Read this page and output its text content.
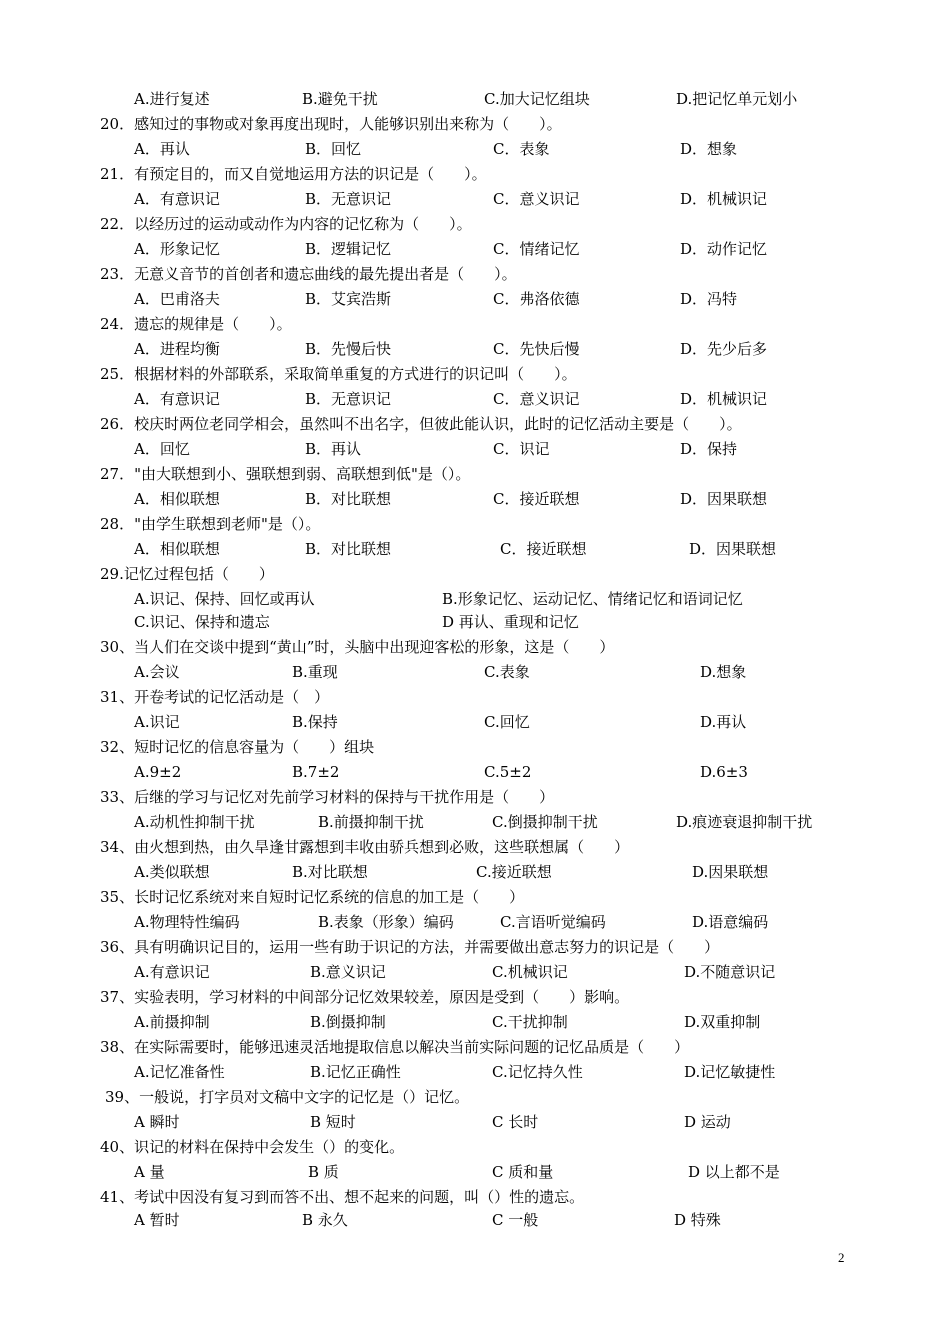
A.进行复述	B.避免干扰	C.加大记忆组块	D.把记忆单元划小
20．感知过的事物或对象再度出现时，人能够识别出来称为（　　）。
A．再认	B．回忆	C．表象	D．想象
21．有预定目的，而又自觉地运用方法的识记是（　　）。
A．有意识记	B．无意识记	C．意义识记	D．机械识记
22．以经历过的运动或动作为内容的记忆称为（　　）。
A．形象记忆	B．逻辑记忆	C．情绪记忆	D．动作记忆
23．无意义音节的首创者和遗忘曲线的最先提出者是（　　）。
A．巴甫洛夫	B．艾宾浩斯	C．弗洛依德	D．冯特
24．遗忘的规律是（　　）。
A．进程均衡	B．先慢后快	C．先快后慢	D．先少后多
25．根据材料的外部联系，采取简单重复的方式进行的识记叫（　　）。
A．有意识记	B．无意识记	C．意义识记	D．机械识记
26．校庆时两位老同学相会，虽然叫不出名字，但彼此能认识，此时的记忆活动主要是（　　）。
A．回忆	B．再认	C．识记	D．保持
27．"由大联想到小、强联想到弱、高联想到低"是（）。
A．相似联想	B．对比联想	C．接近联想	D．因果联想
28．"由学生联想到老师"是（）。
A．相似联想	B．对比联想	C．接近联想	D．因果联想
29.记忆过程包括（　　）
A.识记、保持、回忆或再认	B.形象记忆、运动记忆、情绪记忆和语词记忆
C.识记、保持和遗忘	D 再认、重现和记忆
30、当人们在交谈中提到“黄山”时，头脑中出现迎客松的形象，这是（　　）
A.会议	B.重现	C.表象	D.想象
31、开卷考试的记忆活动是（　）
A.识记	B.保持	C.回忆	D.再认
32、短时记忆的信息容量为（　　）组块
A.9±2	B.7±2	C.5±2	D.6±3
33、后继的学习与记忆对先前学习材料的保持与干扰作用是（　　）
A.动机性抑制干扰	B.前摄抑制干扰	C.倒摄抑制干扰	D.痕迹衰退抑制干扰
34、由火想到热，由久旱逢甘露想到丰收由骄兵想到必败，这些联想属（　　）
A.类似联想	B.对比联想	C.接近联想	D.因果联想
35、长时记忆系统对来自短时记忆系统的信息的加工是（　　）
A.物理特性编码	B.表象（形象）编码	C.言语听觉编码	D.语意编码
36、具有明确识记目的，运用一些有助于识记的方法，并需要做出意志努力的识记是（　　）
A.有意识记	B.意义识记	C.机械识记	D.不随意识记
37、实验表明，学习材料的中间部分记忆效果较差，原因是受到（　　）影响。
A.前摄抑制	B.倒摄抑制	C.干扰抑制	D.双重抑制
38、在实际需要时，能够迅速灵活地提取信息以解决当前实际问题的记忆品质是（　　）
A.记忆准备性	B.记忆正确性	C.记忆持久性	D.记忆敏捷性
39、一般说，打字员对文稿中文字的记忆是（）记忆。
A 瞬时	B 短时	C 长时	D 运动
40、识记的材料在保持中会发生（）的变化。
A 量	B 质	C 质和量	D 以上都不是
41、考试中因没有复习到而答不出、想不起来的问题，叫（）性的遗忘。
A 暂时	B 永久	C 一般	D 特殊
2
